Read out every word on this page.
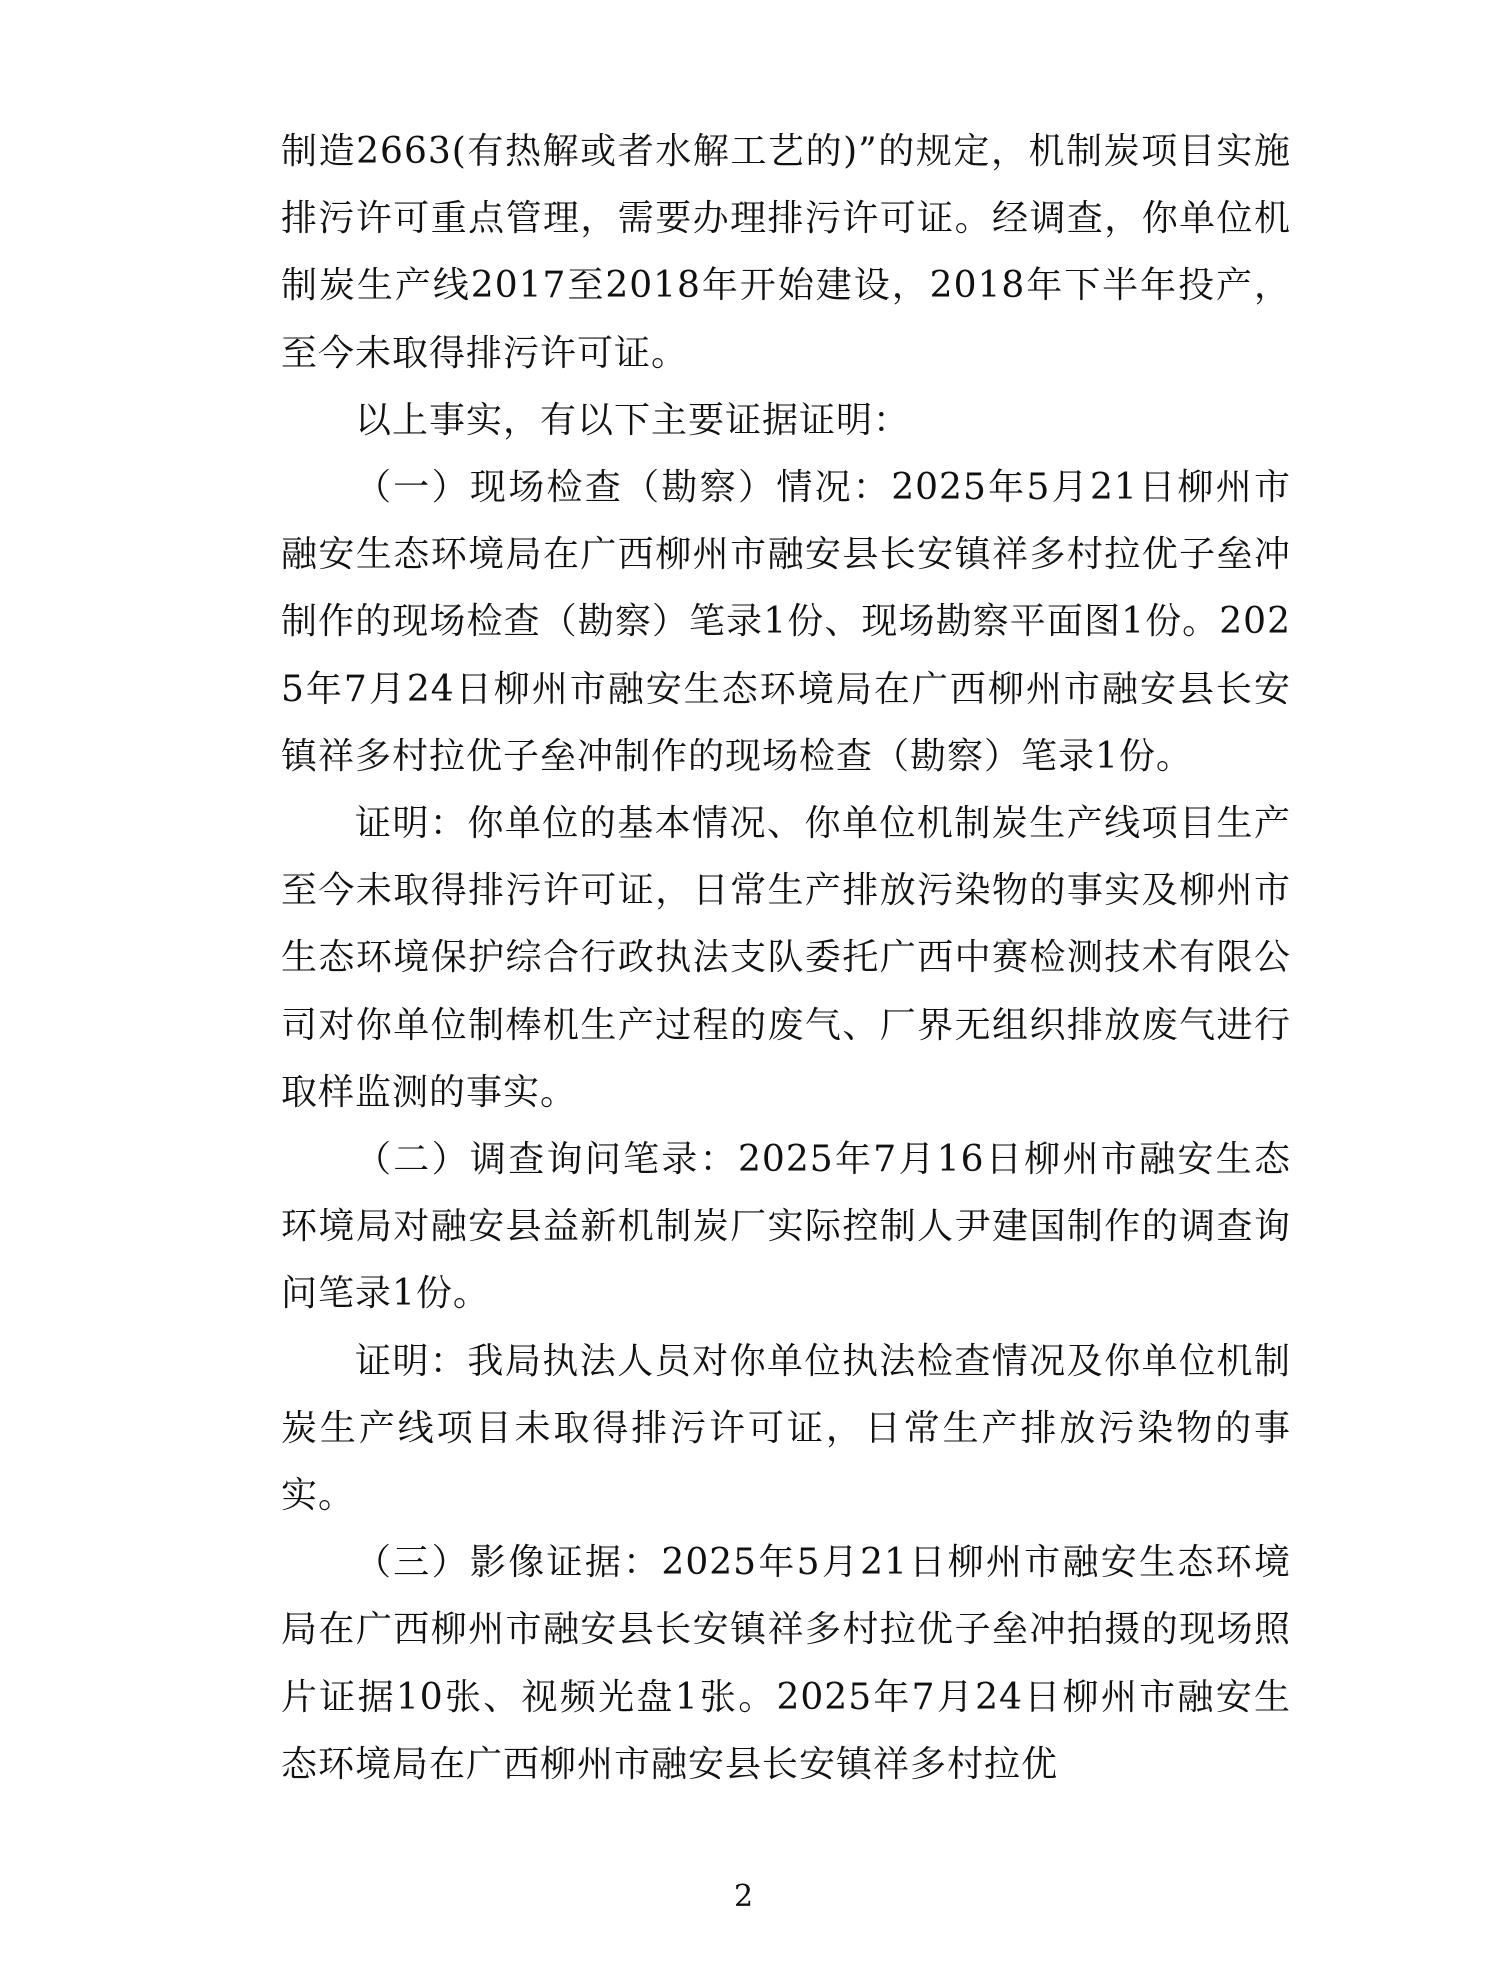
制造2663(有热解或者水解工艺的)”的规定，机制炭项目实施排污许可重点管理，需要办理排污许可证。经调查，你单位机制炭生产线2017至2018年开始建设，2018年下半年投产，至今未取得排污许可证。

以上事实，有以下主要证据证明：

（一）现场检查（勘察）情况：2025年5月21日柳州市融安生态环境局在广西柳州市融安县长安镇祥多村拉优子垒冲制作的现场检查（勘察）笔录1份、现场勘察平面图1份。2025年7月24日柳州市融安生态环境局在广西柳州市融安县长安镇祥多村拉优子垒冲制作的现场检查（勘察）笔录1份。

证明：你单位的基本情况、你单位机制炭生产线项目生产至今未取得排污许可证，日常生产排放污染物的事实及柳州市生态环境保护综合行政执法支队委托广西中赛检测技术有限公司对你单位制棒机生产过程的废气、厂界无组织排放废气进行取样监测的事实。

（二）调查询问笔录：2025年7月16日柳州市融安生态环境局对融安县益新机制炭厂实际控制人尹建国制作的调查询问笔录1份。

证明：我局执法人员对你单位执法检查情况及你单位机制炭生产线项目未取得排污许可证，日常生产排放污染物的事实。

（三）影像证据：2025年5月21日柳州市融安生态环境局在广西柳州市融安县长安镇祥多村拉优子垒冲拍摄的现场照片证据10张、视频光盘1张。2025年7月24日柳州市融安生态环境局在广西柳州市融安县长安镇祥多村拉优

2
